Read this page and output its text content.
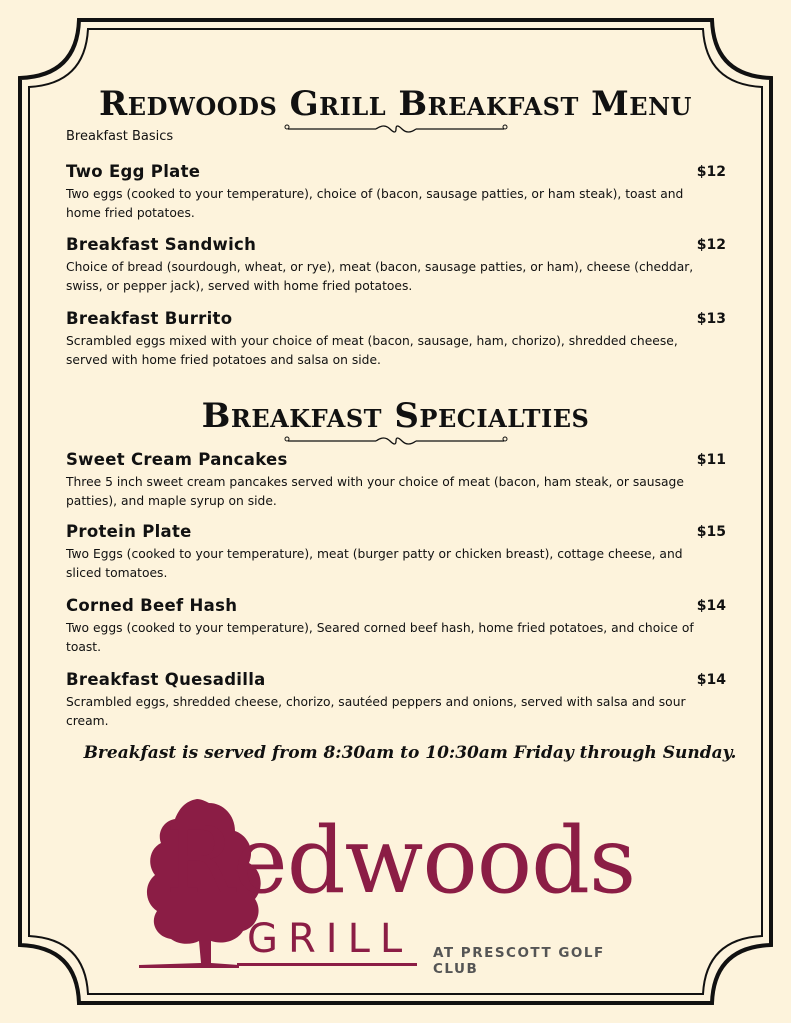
Redwoods Grill Breakfast Menu
Breakfast Basics
Two Egg Plate	$12
Two eggs (cooked to your temperature), choice of (bacon, sausage patties, or ham steak), toast and home fried potatoes.
Breakfast Sandwich	$12
Choice of bread (sourdough, wheat, or rye), meat (bacon, sausage patties, or ham), cheese (cheddar, swiss, or pepper jack), served with home fried potatoes.
Breakfast Burrito	$13
Scrambled eggs mixed with your choice of meat (bacon, sausage, ham, chorizo), shredded cheese, served with home fried potatoes and salsa on side.
Breakfast Specialties
Sweet Cream Pancakes	$11
Three 5 inch sweet cream pancakes served with your choice of meat (bacon, ham steak, or sausage patties), and maple syrup on side.
Protein Plate	$15
Two Eggs (cooked to your temperature), meat (burger patty or chicken breast), cottage cheese, and sliced tomatoes.
Corned Beef Hash	$14
Two eggs (cooked to your temperature), Seared corned beef hash, home fried potatoes, and choice of toast.
Breakfast Quesadilla	$14
Scrambled eggs, shredded cheese, chorizo, sautéed peppers and onions, served with salsa and sour cream.
Breakfast is served from 8:30am to 10:30am Friday through Sunday.
Redwoods
GRILL AT PRESCOTT GOLF CLUB
